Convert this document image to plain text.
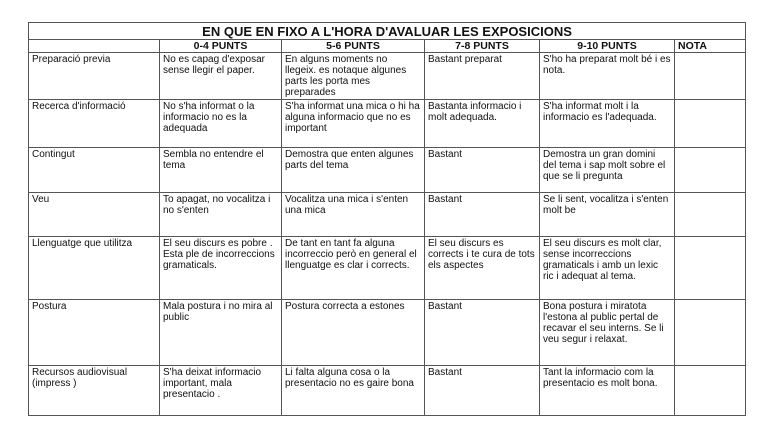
EN QUE EN FIXO A L'HORA D'AVALUAR LES EXPOSICIONS					
	0-4 PUNTS	5-6 PUNTS	7-8 PUNTS	9-10 PUNTS	NOTA
Preparació previa	No es capag d'exposar sense llegir el paper.	En alguns moments no llegeix. es notaque algunes parts les porta mes preparades	Bastant preparat	S'ho ha preparat molt bé i es nota.	
Recerca d'informació	No s'ha informat o la informacio no es la adequada	S'ha informat una mica o hi ha alguna informacio que no es important	Bastanta informacio i molt adequada.	S'ha informat molt i la informacio es l'adequada.	
Contingut	Sembla no entendre el tema	Demostra que enten algunes parts del tema	Bastant	Demostra un gran domini del tema i sap molt sobre el que se li pregunta	
Veu	To apagat, no vocalitza i no s'enten	Vocalitza una mica i s'enten una mica	Bastant	Se li sent, vocalitza i s'enten molt be	
Llenguatge que utilitza	El seu discurs es pobre . Esta ple de incorreccions gramaticals.	De tant en tant fa alguna incorreccio però en general el llenguatge es clar i corrects.	El seu discurs es corrects i te cura de tots els aspectes	El seu discurs es molt clar, sense incorreccions gramaticals i amb un lexic ric i adequat al tema.	
Postura	Mala postura i no mira al public	Postura correcta a estones	Bastant	Bona postura i miratota l'estona al public pertal de recavar el seu interns. Se li veu segur i relaxat.	
Recursos audiovisual (impress )	S'ha deixat informacio important, mala presentacio .	Li falta alguna cosa o la presentacio no es gaire bona	Bastant	Tant la informacio com la presentacio es molt bona.	
